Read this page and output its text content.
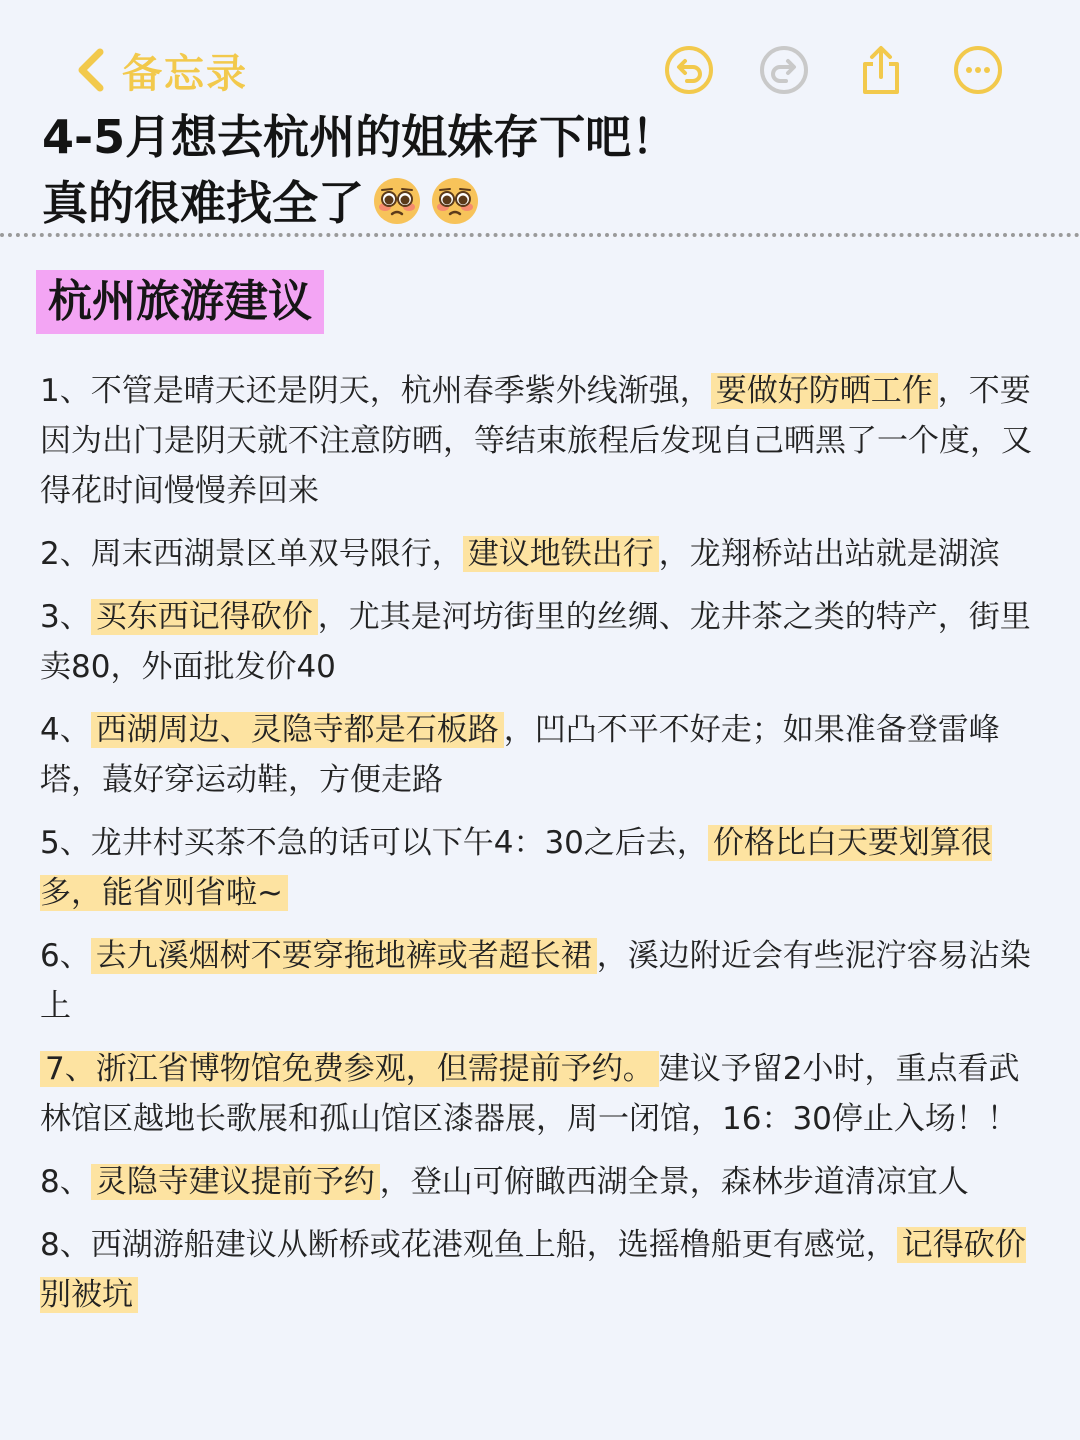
备忘录
4-5月想去杭州的姐妹存下吧！
真的很难找全了
杭州旅游建议
1、不管是晴天还是阴天，杭州春季紫外线渐强， 要做好防晒工作 ，不要因为出门是阴天就不注意防晒，等结束旅程后发现自己晒黑了一个度，又得花时间慢慢养回来
2、周末西湖景区单双号限行， 建议地铁出行 ，龙翔桥站出站就是湖滨
3、 买东西记得砍价 ，尤其是河坊街里的丝绸、龙井茶之类的特产，街里卖80，外面批发价40
4、 西湖周边、灵隐寺都是石板路 ，凹凸不平不好走；如果准备登雷峰塔，蕞好穿运动鞋，方便走路
5、龙井村买茶不急的话可以下午4：30之后去， 价格比白天要划算很多，能省则省啦~
6、 去九溪烟树不要穿拖地裤或者超长裙 ，溪边附近会有些泥泞容易沾染上
7、浙江省博物馆免费参观，但需提前予约。 建议予留2小时，重点看武林馆区越地长歌展和孤山馆区漆器展，周一闭馆，16：30停止入场！！
8、 灵隐寺建议提前予约 ，登山可俯瞰西湖全景，森林步道清凉宜人
8、西湖游船建议从断桥或花港观鱼上船，选摇橹船更有感觉， 记得砍价别被坑
